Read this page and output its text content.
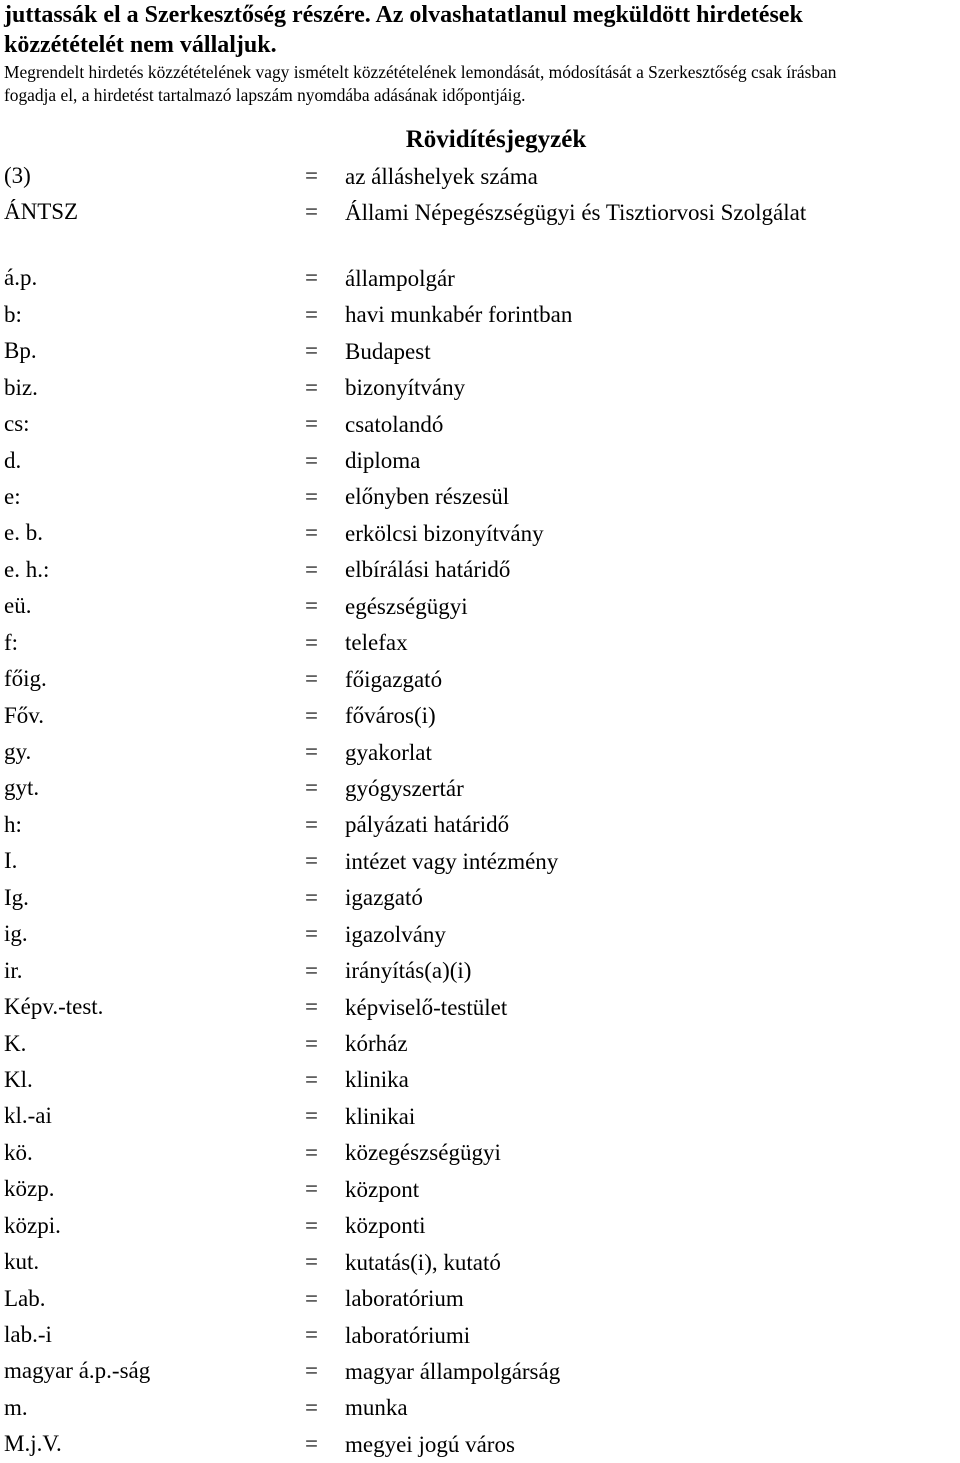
juttassák el a Szerkesztőség részére. Az olvashatatlanul megküldött hirdetések

közzétételét nem vállaljuk.

Megrendelt hirdetés közzétételének vagy ismételt közzétételének lemondását, módosítását a Szerkesztőség csak írásban

fogadja el, a hirdetést tartalmazó lapszám nyomdába adásának időpontjáig.

Rövidítésjegyzék
(3)	= az álláshelyek száma
ÁNTSZ	= Állami Népegészségügyi és Tisztiorvosi Szolgálat
á.p.	= állampolgár
b:	= havi munkabér forintban
Bp.	= Budapest
biz.	= bizonyítvány
cs:	= csatolandó
d.	= diploma
e:	= előnyben részesül
e. b.	= erkölcsi bizonyítvány
e. h.:	= elbírálási határidő
eü.	= egészségügyi
f:	= telefax
főig.	= főigazgató
Főv.	= főváros(i)
gy.	= gyakorlat
gyt.	= gyógyszertár
h:	= pályázati határidő
I.	= intézet vagy intézmény
Ig.	= igazgató
ig.	= igazolvány
ir.	= irányítás(a)(i)
Képv.-test.	= képviselő-testület
K.	= kórház
Kl.	= klinika
kl.-ai	= klinikai
kö.	= közegészségügyi
közp.	= központ
közpi.	= központi
kut.	= kutatás(i), kutató
Lab.	= laboratórium
lab.-i	= laboratóriumi
magyar á.p.-ság	= magyar állampolgárság
m.	= munka
M.j.V.	= megyei jogú város
